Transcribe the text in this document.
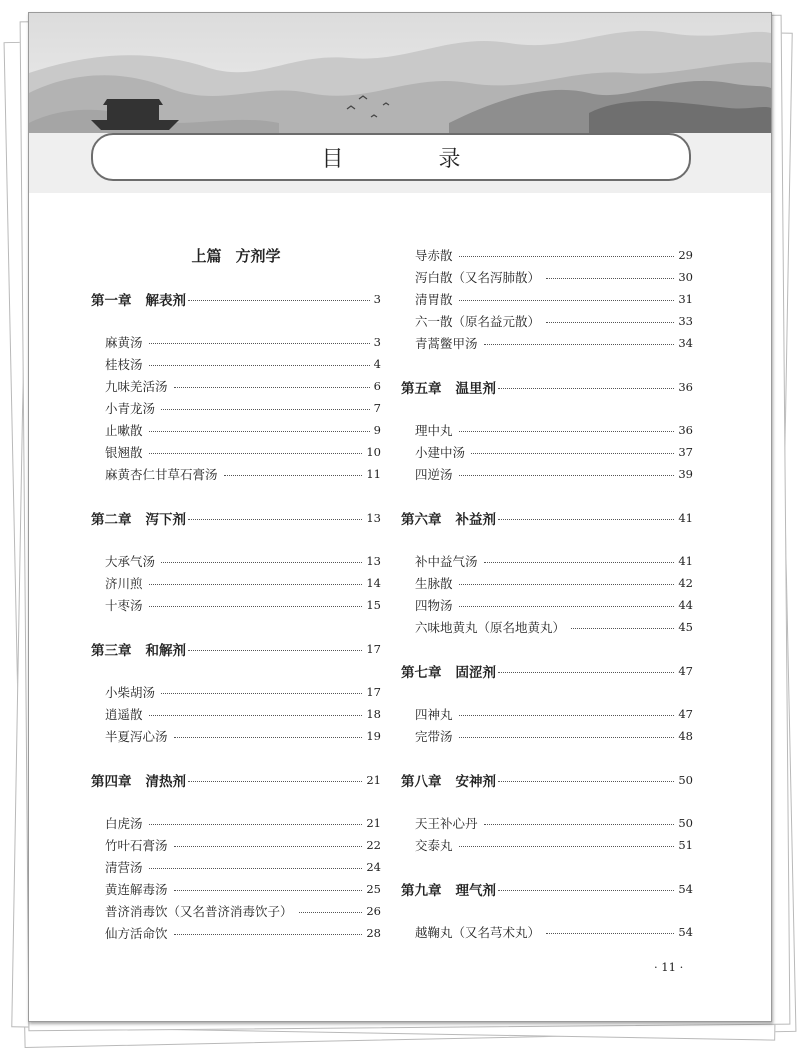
目 录
上篇 方剂学
第一章 解表剂	3
麻黄汤	3
桂枝汤	4
九味羌活汤	6
小青龙汤	7
止嗽散	9
银翘散	10
麻黄杏仁甘草石膏汤	11
第二章 泻下剂	13
大承气汤	13
济川煎	14
十枣汤	15
第三章 和解剂	17
小柴胡汤	17
逍遥散	18
半夏泻心汤	19
第四章 清热剂	21
白虎汤	21
竹叶石膏汤	22
清营汤	24
黄连解毒汤	25
普济消毒饮（又名普济消毒饮子）	26
仙方活命饮	28
导赤散	29
泻白散（又名泻肺散）	30
清胃散	31
六一散（原名益元散）	33
青蒿鳖甲汤	34
第五章 温里剂	36
理中丸	36
小建中汤	37
四逆汤	39
第六章 补益剂	41
补中益气汤	41
生脉散	42
四物汤	44
六味地黄丸（原名地黄丸）	45
第七章 固涩剂	47
四神丸	47
完带汤	48
第八章 安神剂	50
天王补心丹	50
交泰丸	51
第九章 理气剂	54
越鞠丸（又名芎术丸）	54
· 11 ·
